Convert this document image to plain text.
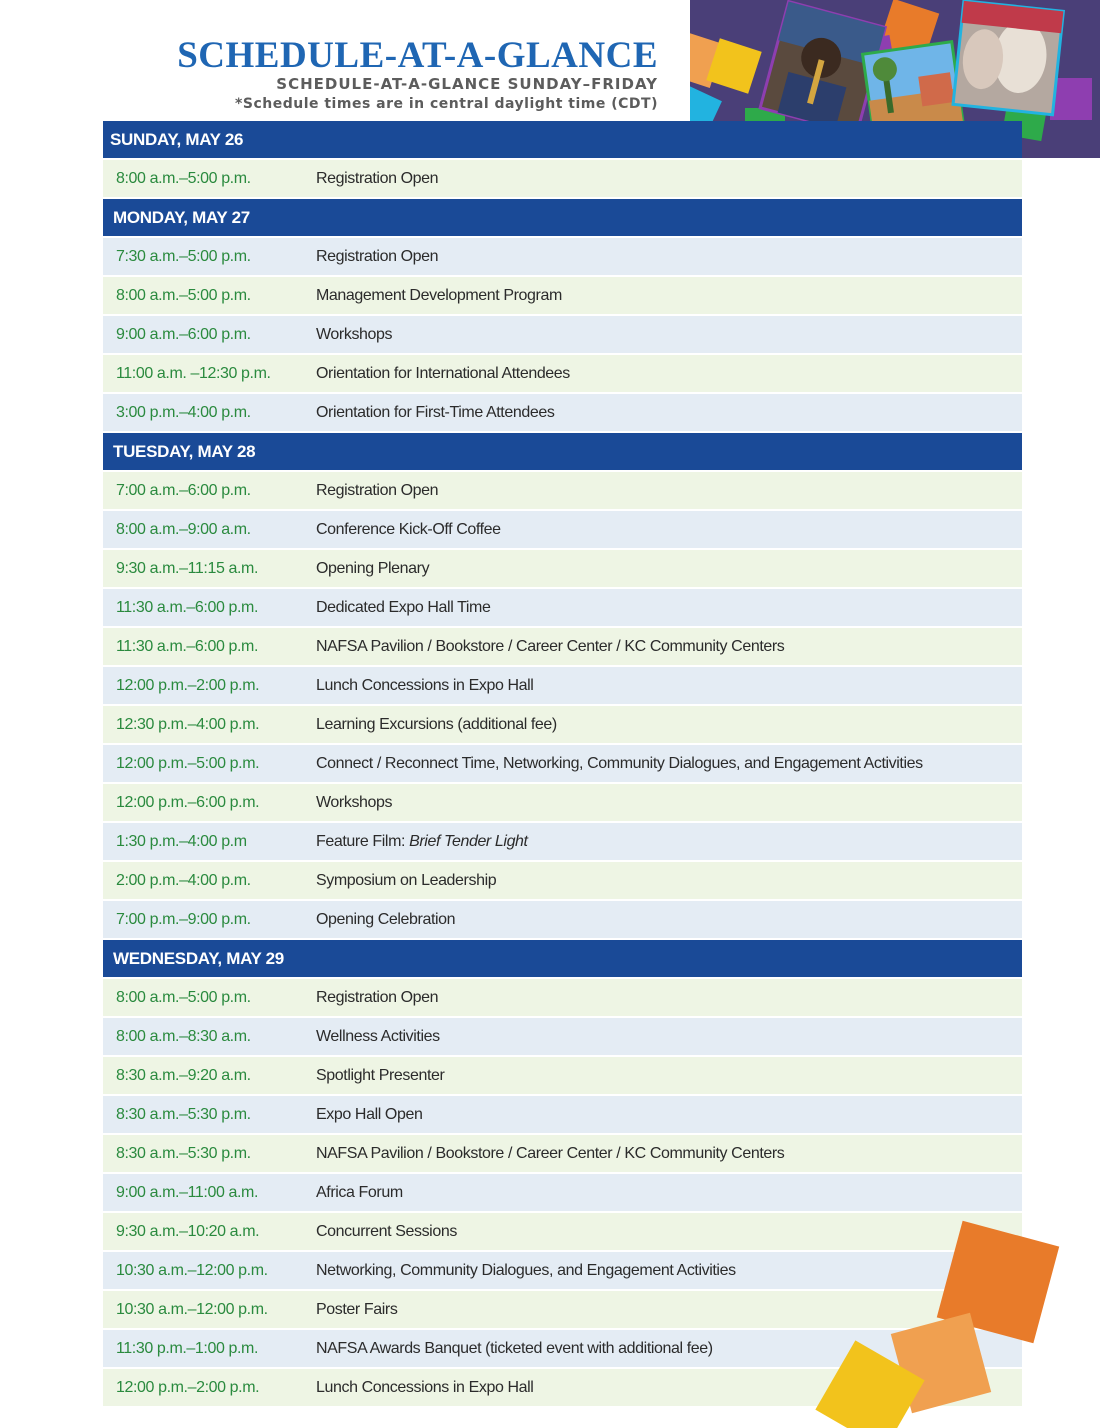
SCHEDULE-AT-A-GLANCE
SCHEDULE-AT-A-GLANCE SUNDAY–FRIDAY
*Schedule times are in central daylight time (CDT)
SUNDAY, MAY 26
8:00 a.m.–5:00 p.m.	Registration Open
MONDAY, MAY 27
7:30 a.m.–5:00 p.m.	Registration Open
8:00 a.m.–5:00 p.m.	Management Development Program
9:00 a.m.–6:00 p.m.	Workshops
11:00 a.m. –12:30 p.m.	Orientation for International Attendees
3:00 p.m.–4:00 p.m.	Orientation for First-Time Attendees
TUESDAY, MAY 28
7:00 a.m.–6:00 p.m.	Registration Open
8:00 a.m.–9:00 a.m.	Conference Kick-Off Coffee
9:30 a.m.–11:15 a.m.	Opening Plenary
11:30 a.m.–6:00 p.m.	Dedicated Expo Hall Time
11:30 a.m.–6:00 p.m.	NAFSA Pavilion / Bookstore / Career Center / KC Community Centers
12:00 p.m.–2:00 p.m.	Lunch Concessions in Expo Hall
12:30 p.m.–4:00 p.m.	Learning Excursions (additional fee)
12:00 p.m.–5:00 p.m.	Connect / Reconnect Time, Networking, Community Dialogues, and Engagement Activities
12:00 p.m.–6:00 p.m.	Workshops
1:30 p.m.–4:00 p.m	Feature Film: Brief Tender Light
2:00 p.m.–4:00 p.m.	Symposium on Leadership
7:00 p.m.–9:00 p.m.	Opening Celebration
WEDNESDAY, MAY 29
8:00 a.m.–5:00 p.m.	Registration Open
8:00 a.m.–8:30 a.m.	Wellness Activities
8:30 a.m.–9:20 a.m.	Spotlight Presenter
8:30 a.m.–5:30 p.m.	Expo Hall Open
8:30 a.m.–5:30 p.m.	NAFSA Pavilion / Bookstore / Career Center / KC Community Centers
9:00 a.m.–11:00 a.m.	Africa Forum
9:30 a.m.–10:20 a.m.	Concurrent Sessions
10:30 a.m.–12:00 p.m.	Networking, Community Dialogues, and Engagement Activities
10:30 a.m.–12:00 p.m.	Poster Fairs
11:30 p.m.–1:00 p.m.	NAFSA Awards Banquet (ticketed event with additional fee)
12:00 p.m.–2:00 p.m.	Lunch Concessions in Expo Hall
